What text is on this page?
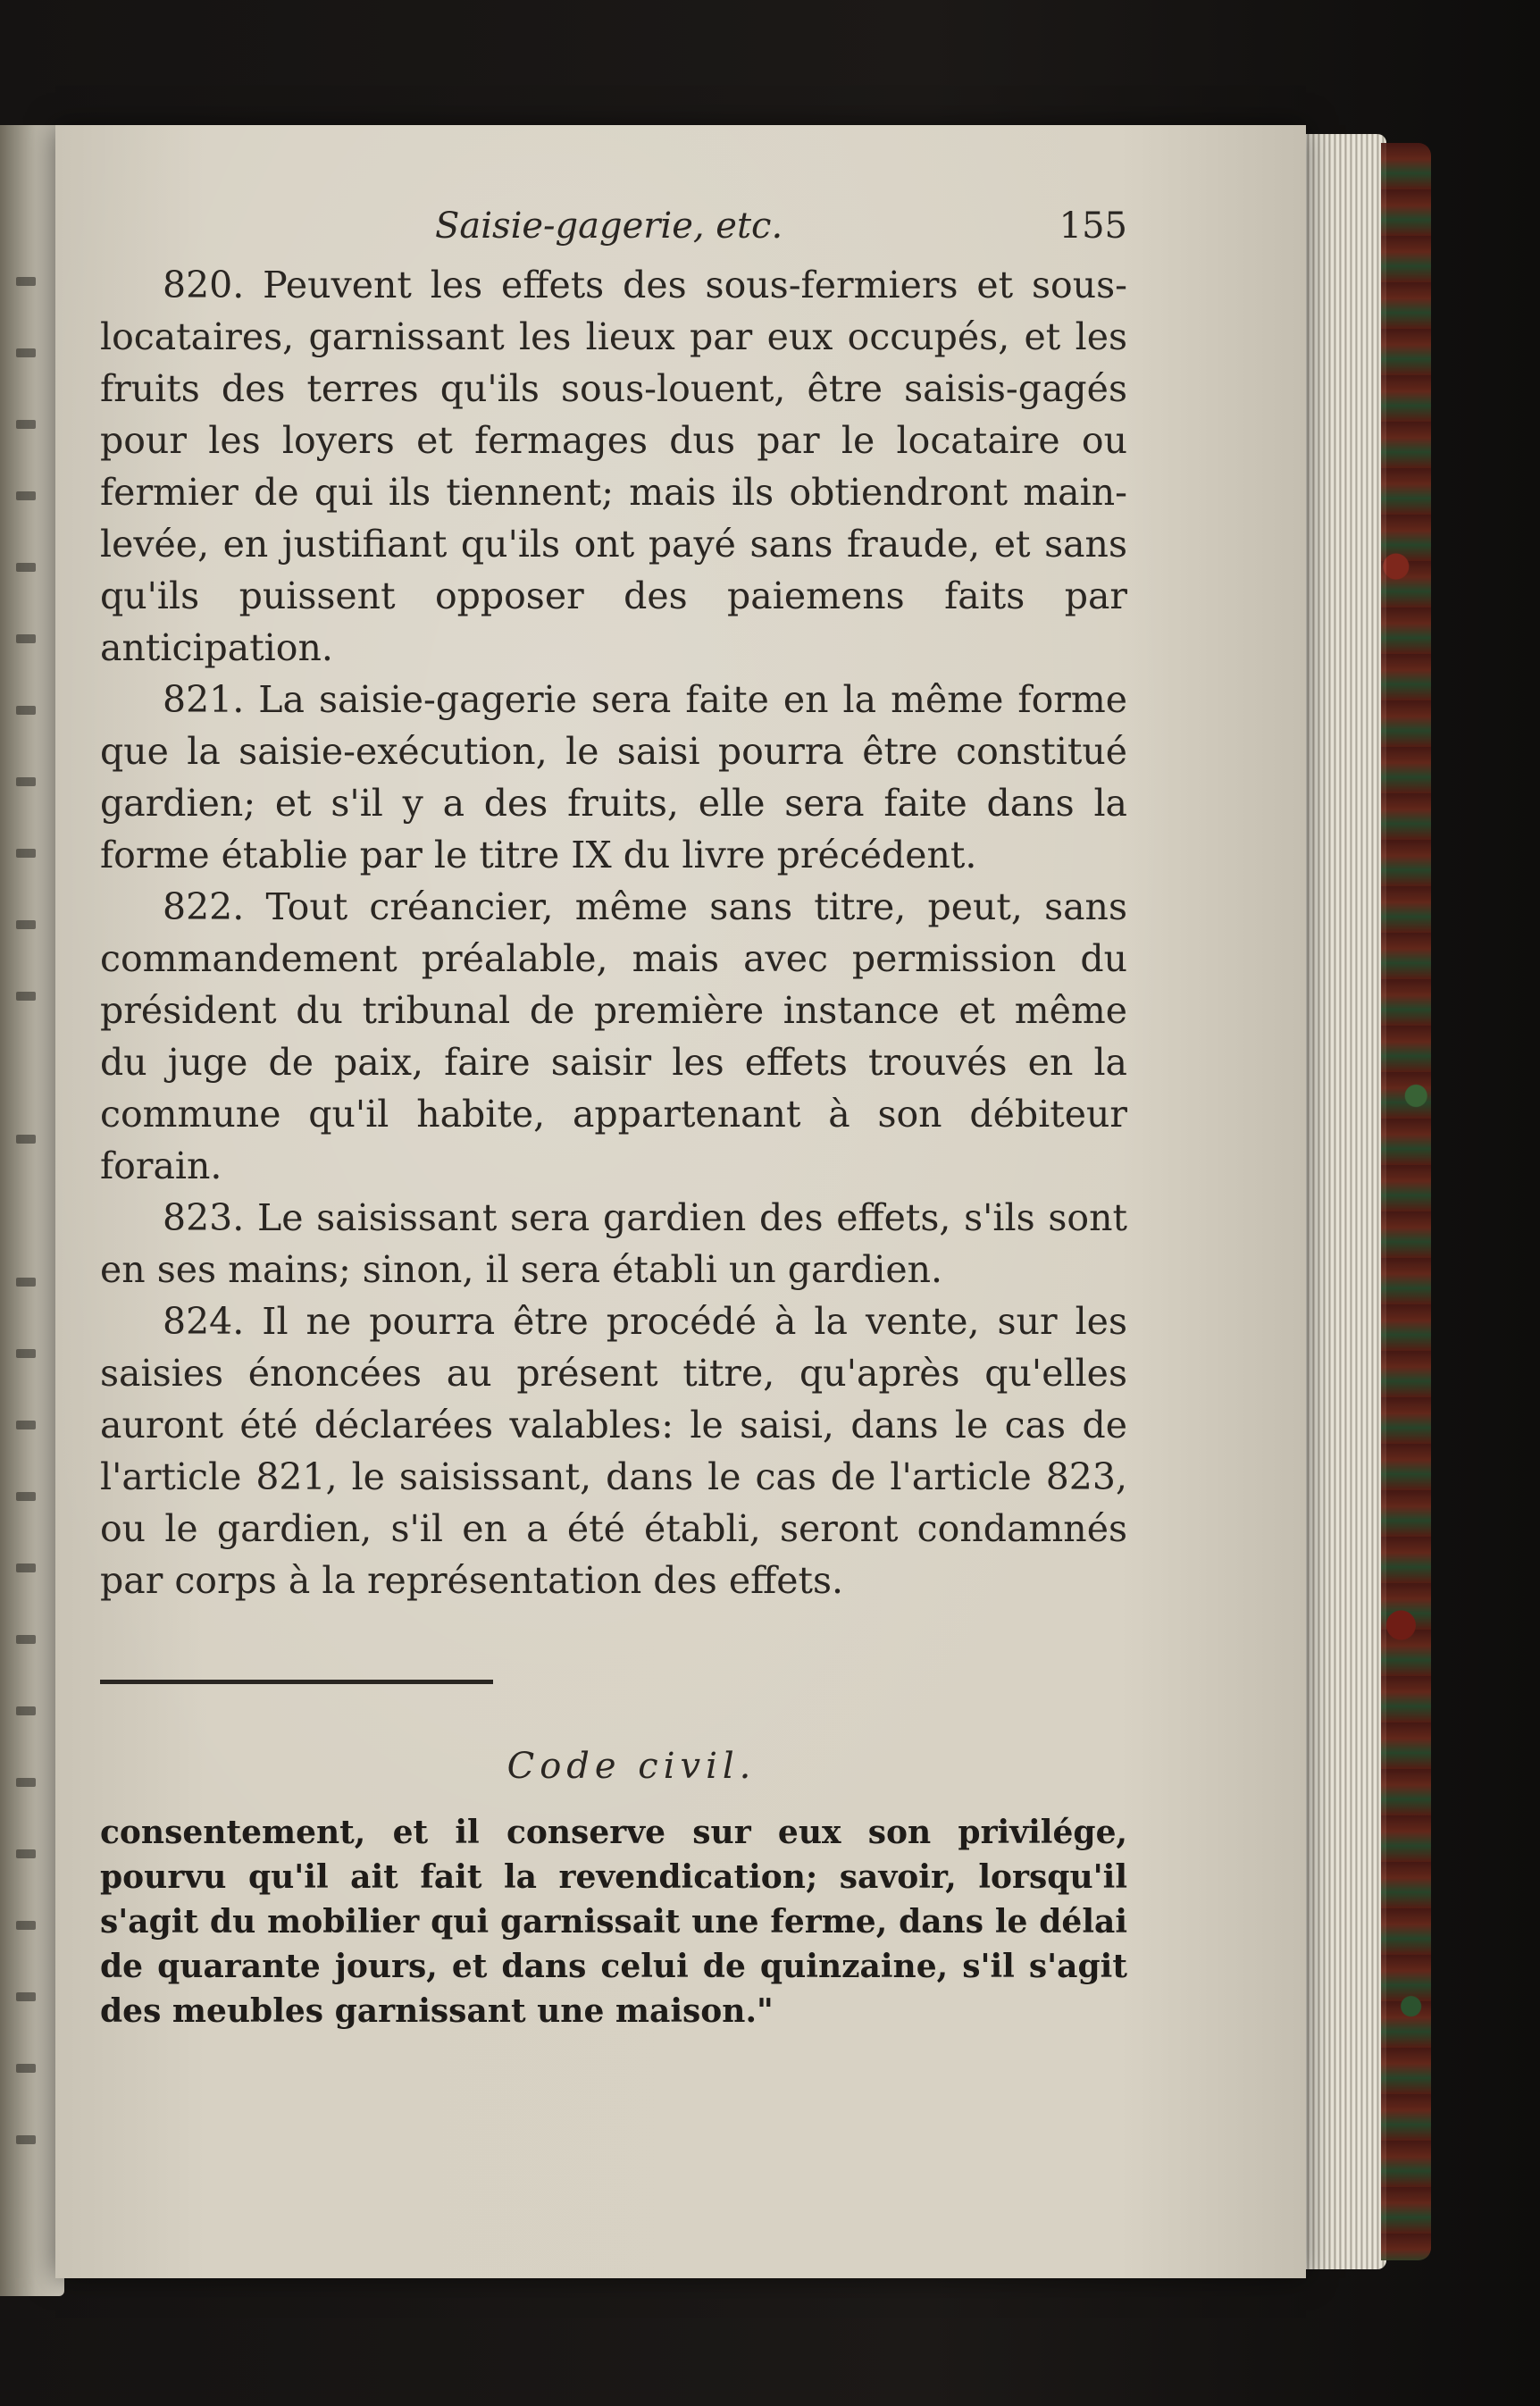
Saisie-gagerie, etc.	155

820. Peuvent les effets des sous-fermiers et sous-locataires, garnissant les lieux par eux occupés, et les fruits des terres qu'ils sous-louent, être saisis-gagés pour les loyers et fermages dus par le locataire ou fermier de qui ils tiennent; mais ils obtiendront main-levée, en justifiant qu'ils ont payé sans fraude, et sans qu'ils puissent opposer des paiemens faits par anticipation.

821. La saisie-gagerie sera faite en la même forme que la saisie-exécution, le saisi pourra être constitué gardien; et s'il y a des fruits, elle sera faite dans la forme établie par le titre IX du livre précédent.

822. Tout créancier, même sans titre, peut, sans commandement préalable, mais avec permission du président du tribunal de première instance et même du juge de paix, faire saisir les effets trouvés en la commune qu'il habite, appartenant à son débiteur forain.

823. Le saisissant sera gardien des effets, s'ils sont en ses mains; sinon, il sera établi un gardien.

824. Il ne pourra être procédé à la vente, sur les saisies énoncées au présent titre, qu'après qu'elles auront été déclarées valables: le saisi, dans le cas de l'article 821, le saisissant, dans le cas de l'article 823, ou le gardien, s'il en a été établi, seront condamnés par corps à la représentation des effets.

Code civil.

consentement, et il conserve sur eux son privilége, pourvu qu'il ait fait la revendication; savoir, lorsqu'il s'agit du mobilier qui garnissait une ferme, dans le délai de quarante jours, et dans celui de quinzaine, s'il s'agit des meubles garnissant une maison."
